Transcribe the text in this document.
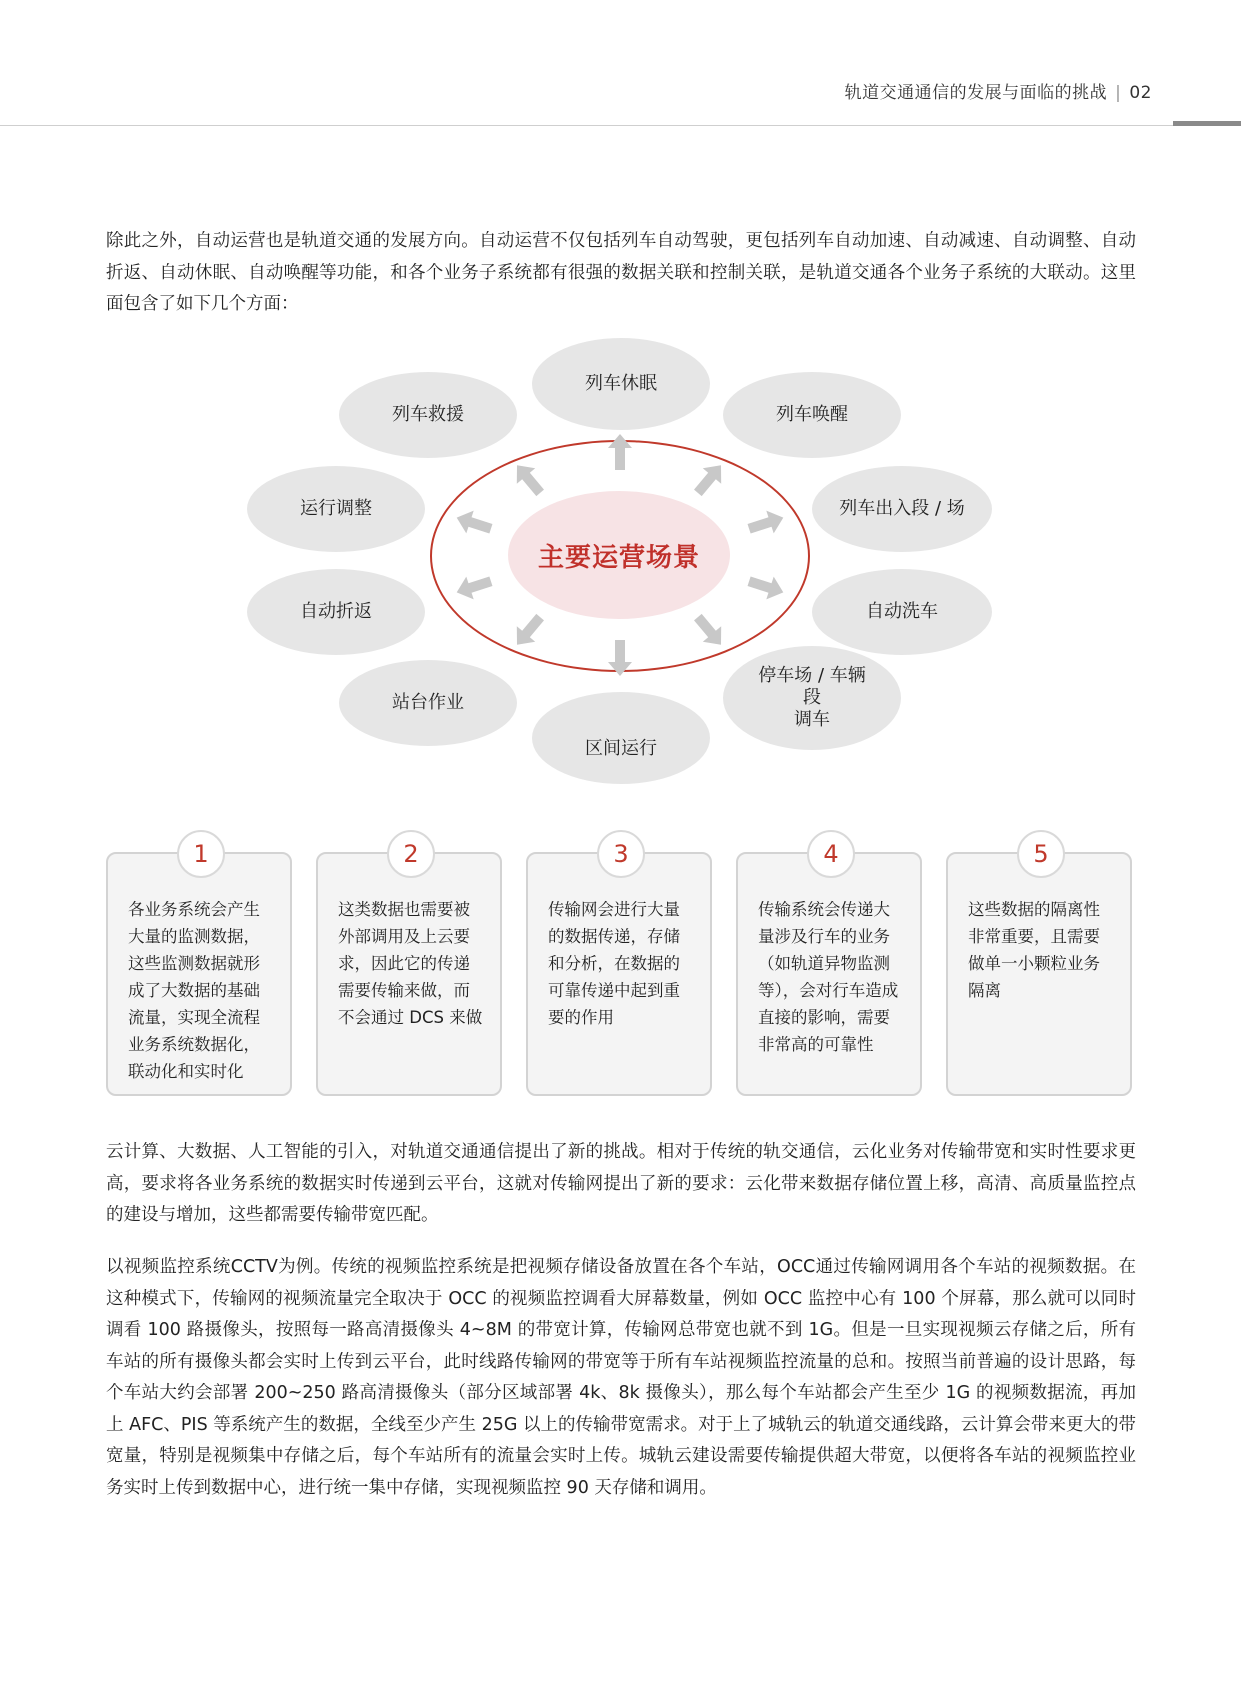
轨道交通通信的发展与面临的挑战 | 02

除此之外，自动运营也是轨道交通的发展方向。自动运营不仅包括列车自动驾驶，更包括列车自动加速、自动减速、自动调整、自动折返、自动休眠、自动唤醒等功能，和各个业务子系统都有很强的数据关联和控制关联，是轨道交通各个业务子系统的大联动。这里面包含了如下几个方面：

列车休眠
列车救援	列车唤醒
运行调整	列车出入段 / 场
自动折返	自动洗车
站台作业
停车场 / 车辆
段
调车
区间运行
主要运营场景
1
各业务系统会产生大量的监测数据，这些监测数据就形成了大数据的基础流量，实现全流程业务系统数据化，联动化和实时化
2
这类数据也需要被外部调用及上云要求，因此它的传递需要传输来做，而不会通过 DCS 来做
3
传输网会进行大量的数据传递，存储和分析，在数据的可靠传递中起到重要的作用
4
传输系统会传递大量涉及行车的业务（如轨道异物监测等），会对行车造成直接的影响，需要非常高的可靠性
5
这些数据的隔离性非常重要，且需要做单一小颗粒业务隔离

云计算、大数据、人工智能的引入，对轨道交通通信提出了新的挑战。相对于传统的轨交通信，云化业务对传输带宽和实时性要求更高，要求将各业务系统的数据实时传递到云平台，这就对传输网提出了新的要求：云化带来数据存储位置上移，高清、高质量监控点的建设与增加，这些都需要传输带宽匹配。

以视频监控系统CCTV为例。传统的视频监控系统是把视频存储设备放置在各个车站，OCC通过传输网调用各个车站的视频数据。在这种模式下，传输网的视频流量完全取决于 OCC 的视频监控调看大屏幕数量，例如 OCC 监控中心有 100 个屏幕，那么就可以同时调看 100 路摄像头，按照每一路高清摄像头 4~8M 的带宽计算，传输网总带宽也就不到 1G。但是一旦实现视频云存储之后，所有车站的所有摄像头都会实时上传到云平台，此时线路传输网的带宽等于所有车站视频监控流量的总和。按照当前普遍的设计思路，每个车站大约会部署 200~250 路高清摄像头（部分区域部署 4k、8k 摄像头），那么每个车站都会产生至少 1G 的视频数据流，再加上 AFC、PIS 等系统产生的数据，全线至少产生 25G 以上的传输带宽需求。对于上了城轨云的轨道交通线路，云计算会带来更大的带宽量，特别是视频集中存储之后，每个车站所有的流量会实时上传。城轨云建设需要传输提供超大带宽，以便将各车站的视频监控业务实时上传到数据中心，进行统一集中存储，实现视频监控 90 天存储和调用。
